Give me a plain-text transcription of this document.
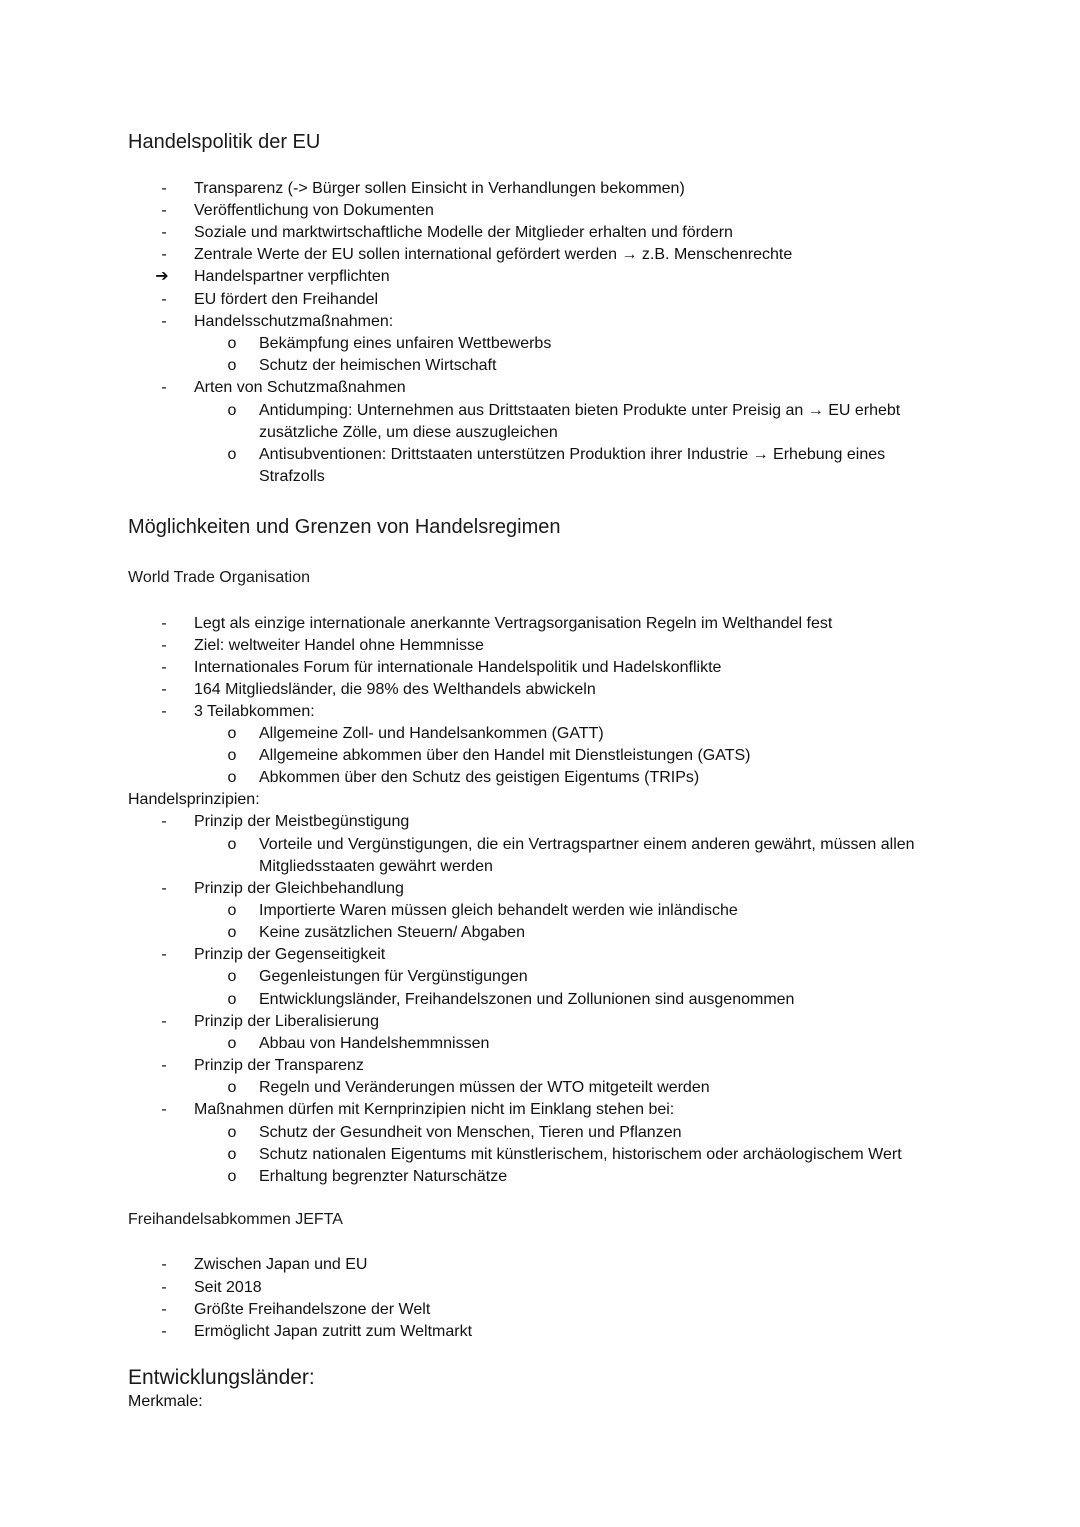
Handelspolitik der EU
- Transparenz (-> Bürger sollen Einsicht in Verhandlungen bekommen)
- Veröffentlichung von Dokumenten
- Soziale und marktwirtschaftliche Modelle der Mitglieder erhalten und fördern
- Zentrale Werte der EU sollen international gefördert werden → z.B. Menschenrechte
➔	Handelspartner verpflichten
- EU fördert den Freihandel
- Handelsschutzmaßnahmen:
o Bekämpfung eines unfairen Wettbewerbs
o Schutz der heimischen Wirtschaft
- Arten von Schutzmaßnahmen
o Antidumping: Unternehmen aus Drittstaaten bieten Produkte unter Preisig an → EU erhebt
zusätzliche Zölle, um diese auszugleichen
o Antisubventionen: Drittstaaten unterstützen Produktion ihrer Industrie → Erhebung eines
Strafzolls
Möglichkeiten und Grenzen von Handelsregimen
World Trade Organisation
- Legt als einzige internationale anerkannte Vertragsorganisation Regeln im Welthandel fest
- Ziel: weltweiter Handel ohne Hemmnisse
- Internationales Forum für internationale Handelspolitik und Hadelskonflikte
- 164 Mitgliedsländer, die 98% des Welthandels abwickeln
- 3 Teilabkommen:
o Allgemeine Zoll- und Handelsankommen (GATT)
o Allgemeine abkommen über den Handel mit Dienstleistungen (GATS)
o Abkommen über den Schutz des geistigen Eigentums (TRIPs)
Handelsprinzipien:
- Prinzip der Meistbegünstigung
o Vorteile und Vergünstigungen, die ein Vertragspartner einem anderen gewährt, müssen allen
Mitgliedsstaaten gewährt werden
- Prinzip der Gleichbehandlung
o Importierte Waren müssen gleich behandelt werden wie inländische
o Keine zusätzlichen Steuern/ Abgaben
- Prinzip der Gegenseitigkeit
o Gegenleistungen für Vergünstigungen
o Entwicklungsländer, Freihandelszonen und Zollunionen sind ausgenommen
- Prinzip der Liberalisierung
o Abbau von Handelshemmnissen
- Prinzip der Transparenz
o Regeln und Veränderungen müssen der WTO mitgeteilt werden
- Maßnahmen dürfen mit Kernprinzipien nicht im Einklang stehen bei:
o Schutz der Gesundheit von Menschen, Tieren und Pflanzen
o Schutz nationalen Eigentums mit künstlerischem, historischem oder archäologischem Wert
o Erhaltung begrenzter Naturschätze
Freihandelsabkommen JEFTA
- Zwischen Japan und EU
- Seit 2018
- Größte Freihandelszone der Welt
- Ermöglicht Japan zutritt zum Weltmarkt
Entwicklungsländer:
Merkmale:
